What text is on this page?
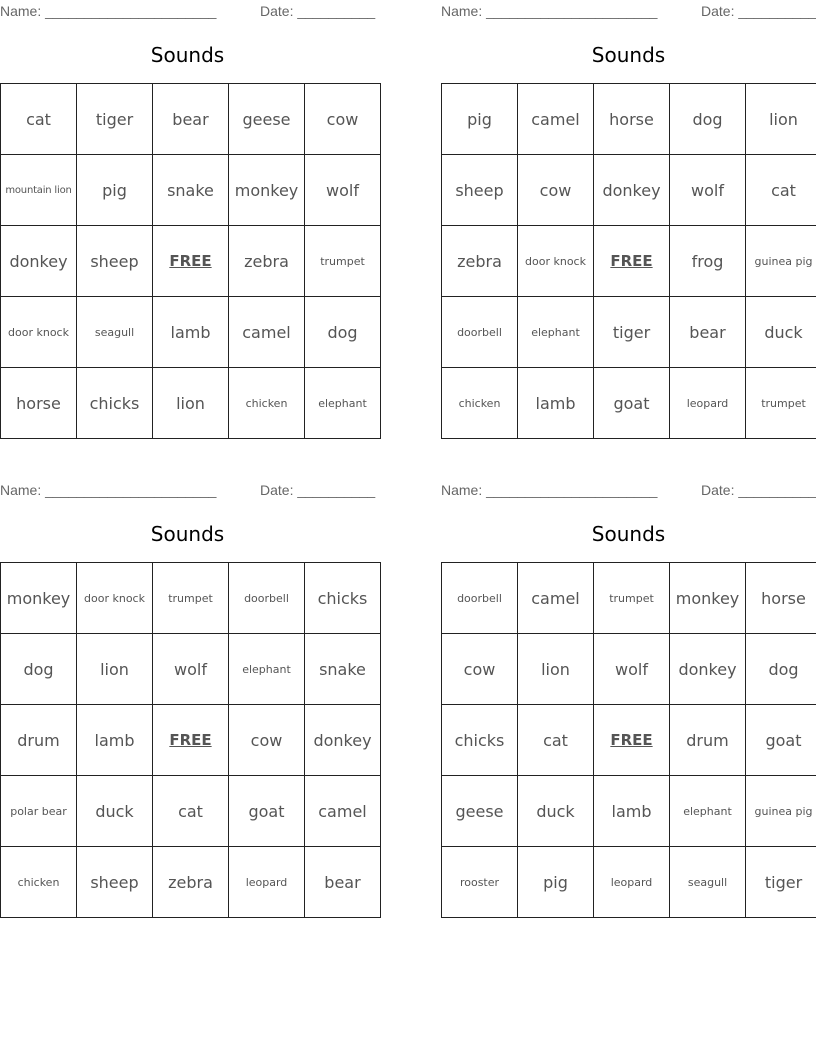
Name: ______________________	Date: __________
Sounds
cat	tiger	bear	geese	cow
mountain lion	pig	snake	monkey	wolf
donkey	sheep	FREE	zebra	trumpet
door knock	seagull	lamb	camel	dog
horse	chicks	lion	chicken	elephant
Name: ______________________	Date: __________
Sounds
pig	camel	horse	dog	lion
sheep	cow	donkey	wolf	cat
zebra	door knock	FREE	frog	guinea pig
doorbell	elephant	tiger	bear	duck
chicken	lamb	goat	leopard	trumpet
Name: ______________________	Date: __________
Sounds
monkey	door knock	trumpet	doorbell	chicks
dog	lion	wolf	elephant	snake
drum	lamb	FREE	cow	donkey
polar bear	duck	cat	goat	camel
chicken	sheep	zebra	leopard	bear
Name: ______________________	Date: __________
Sounds
doorbell	camel	trumpet	monkey	horse
cow	lion	wolf	donkey	dog
chicks	cat	FREE	drum	goat
geese	duck	lamb	elephant	guinea pig
rooster	pig	leopard	seagull	tiger
